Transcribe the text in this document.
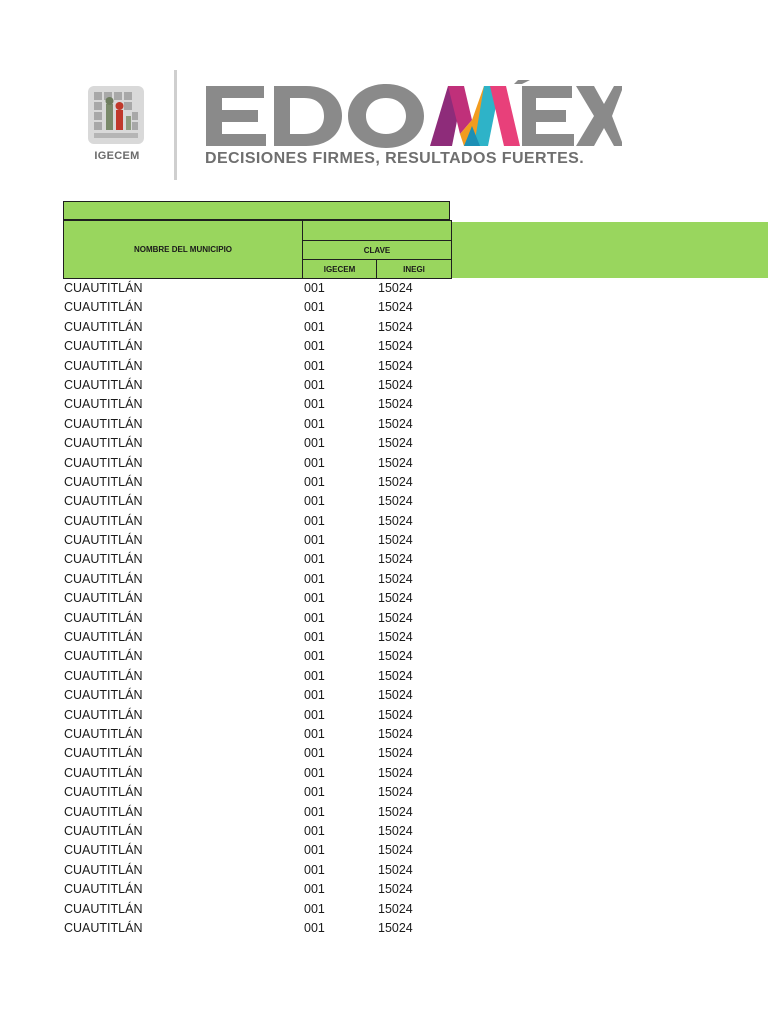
IGECEM	DECISIONES FIRMES, RESULTADOS FUERTES.
NOMBRE DEL MUNICIPIO	CLAVE
IGECEM	INEGI
CUAUTITLÁN	001	15024
CUAUTITLÁN	001	15024
CUAUTITLÁN	001	15024
CUAUTITLÁN	001	15024
CUAUTITLÁN	001	15024
CUAUTITLÁN	001	15024
CUAUTITLÁN	001	15024
CUAUTITLÁN	001	15024
CUAUTITLÁN	001	15024
CUAUTITLÁN	001	15024
CUAUTITLÁN	001	15024
CUAUTITLÁN	001	15024
CUAUTITLÁN	001	15024
CUAUTITLÁN	001	15024
CUAUTITLÁN	001	15024
CUAUTITLÁN	001	15024
CUAUTITLÁN	001	15024
CUAUTITLÁN	001	15024
CUAUTITLÁN	001	15024
CUAUTITLÁN	001	15024
CUAUTITLÁN	001	15024
CUAUTITLÁN	001	15024
CUAUTITLÁN	001	15024
CUAUTITLÁN	001	15024
CUAUTITLÁN	001	15024
CUAUTITLÁN	001	15024
CUAUTITLÁN	001	15024
CUAUTITLÁN	001	15024
CUAUTITLÁN	001	15024
CUAUTITLÁN	001	15024
CUAUTITLÁN	001	15024
CUAUTITLÁN	001	15024
CUAUTITLÁN	001	15024
CUAUTITLÁN	001	15024
